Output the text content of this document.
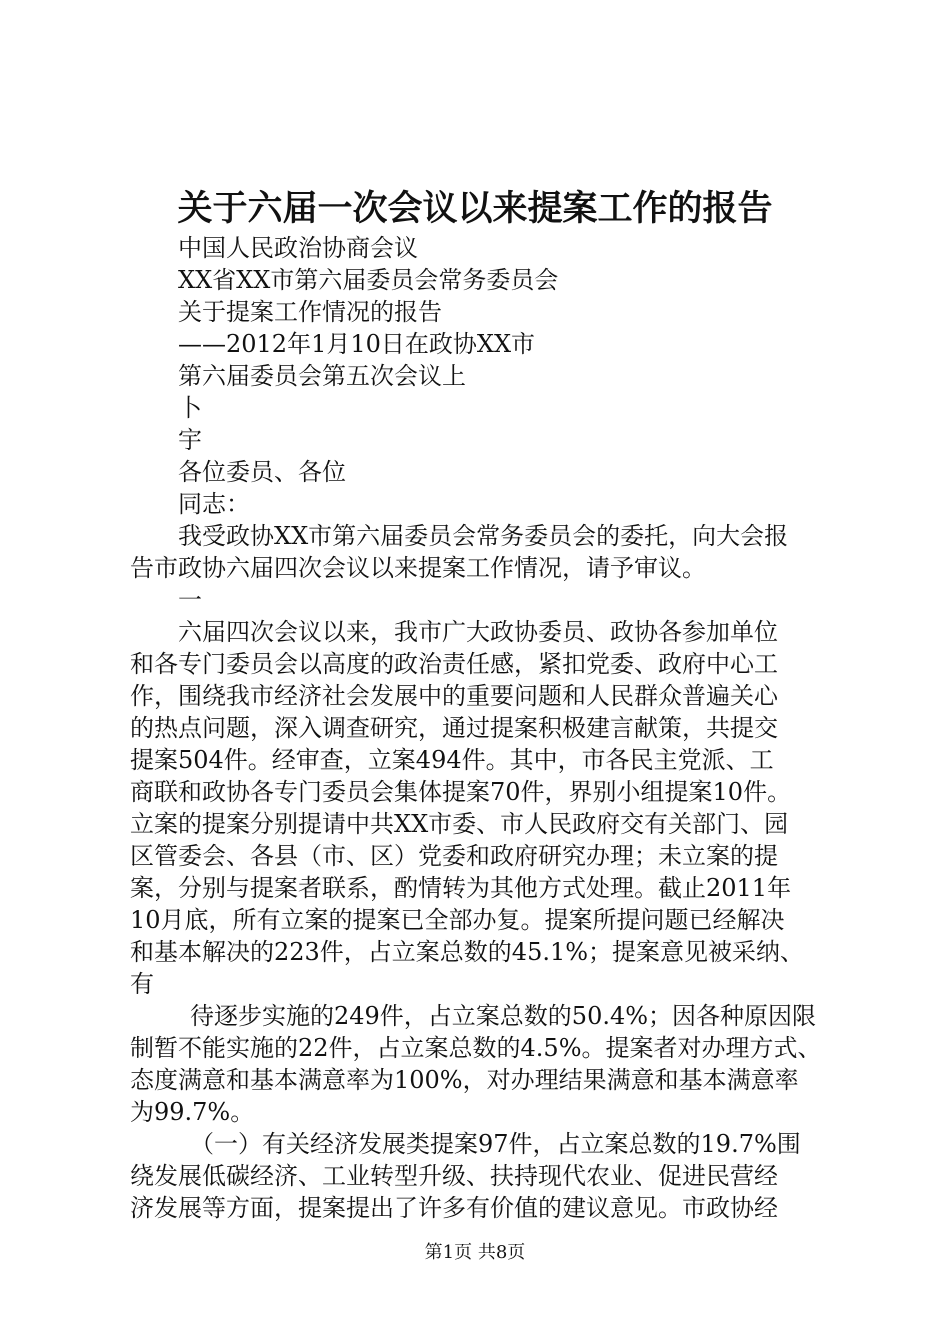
关于六届一次会议以来提案工作的报告

中国人民政治协商会议

XX省XX市第六届委员会常务委员会

关于提案工作情况的报告

——2012年1月10日在政协XX市

第六届委员会第五次会议上

卜

宇

各位委员、各位

同志：

我受政协XX市第六届委员会常务委员会的委托，向大会报

告市政协六届四次会议以来提案工作情况，请予审议。

一

六届四次会议以来，我市广大政协委员、政协各参加单位

和各专门委员会以高度的政治责任感，紧扣党委、政府中心工

作，围绕我市经济社会发展中的重要问题和人民群众普遍关心

的热点问题，深入调查研究，通过提案积极建言献策，共提交

提案504件。经审查，立案494件。其中，市各民主党派、工

商联和政协各专门委员会集体提案70件，界别小组提案10件。

立案的提案分别提请中共XX市委、市人民政府交有关部门、园

区管委会、各县（市、区）党委和政府研究办理；未立案的提

案，分别与提案者联系，酌情转为其他方式处理。截止2011年

10月底，所有立案的提案已全部办复。提案所提问题已经解决

和基本解决的223件，占立案总数的45.1%；提案意见被采纳、

有

待逐步实施的249件，占立案总数的50.4%；因各种原因限

制暂不能实施的22件，占立案总数的4.5%。提案者对办理方式、

态度满意和基本满意率为100%，对办理结果满意和基本满意率

为99.7%。

（一）有关经济发展类提案97件，占立案总数的19.7%围

绕发展低碳经济、工业转型升级、扶持现代农业、促进民营经

济发展等方面，提案提出了许多有价值的建议意见。市政协经

第1页 共8页
